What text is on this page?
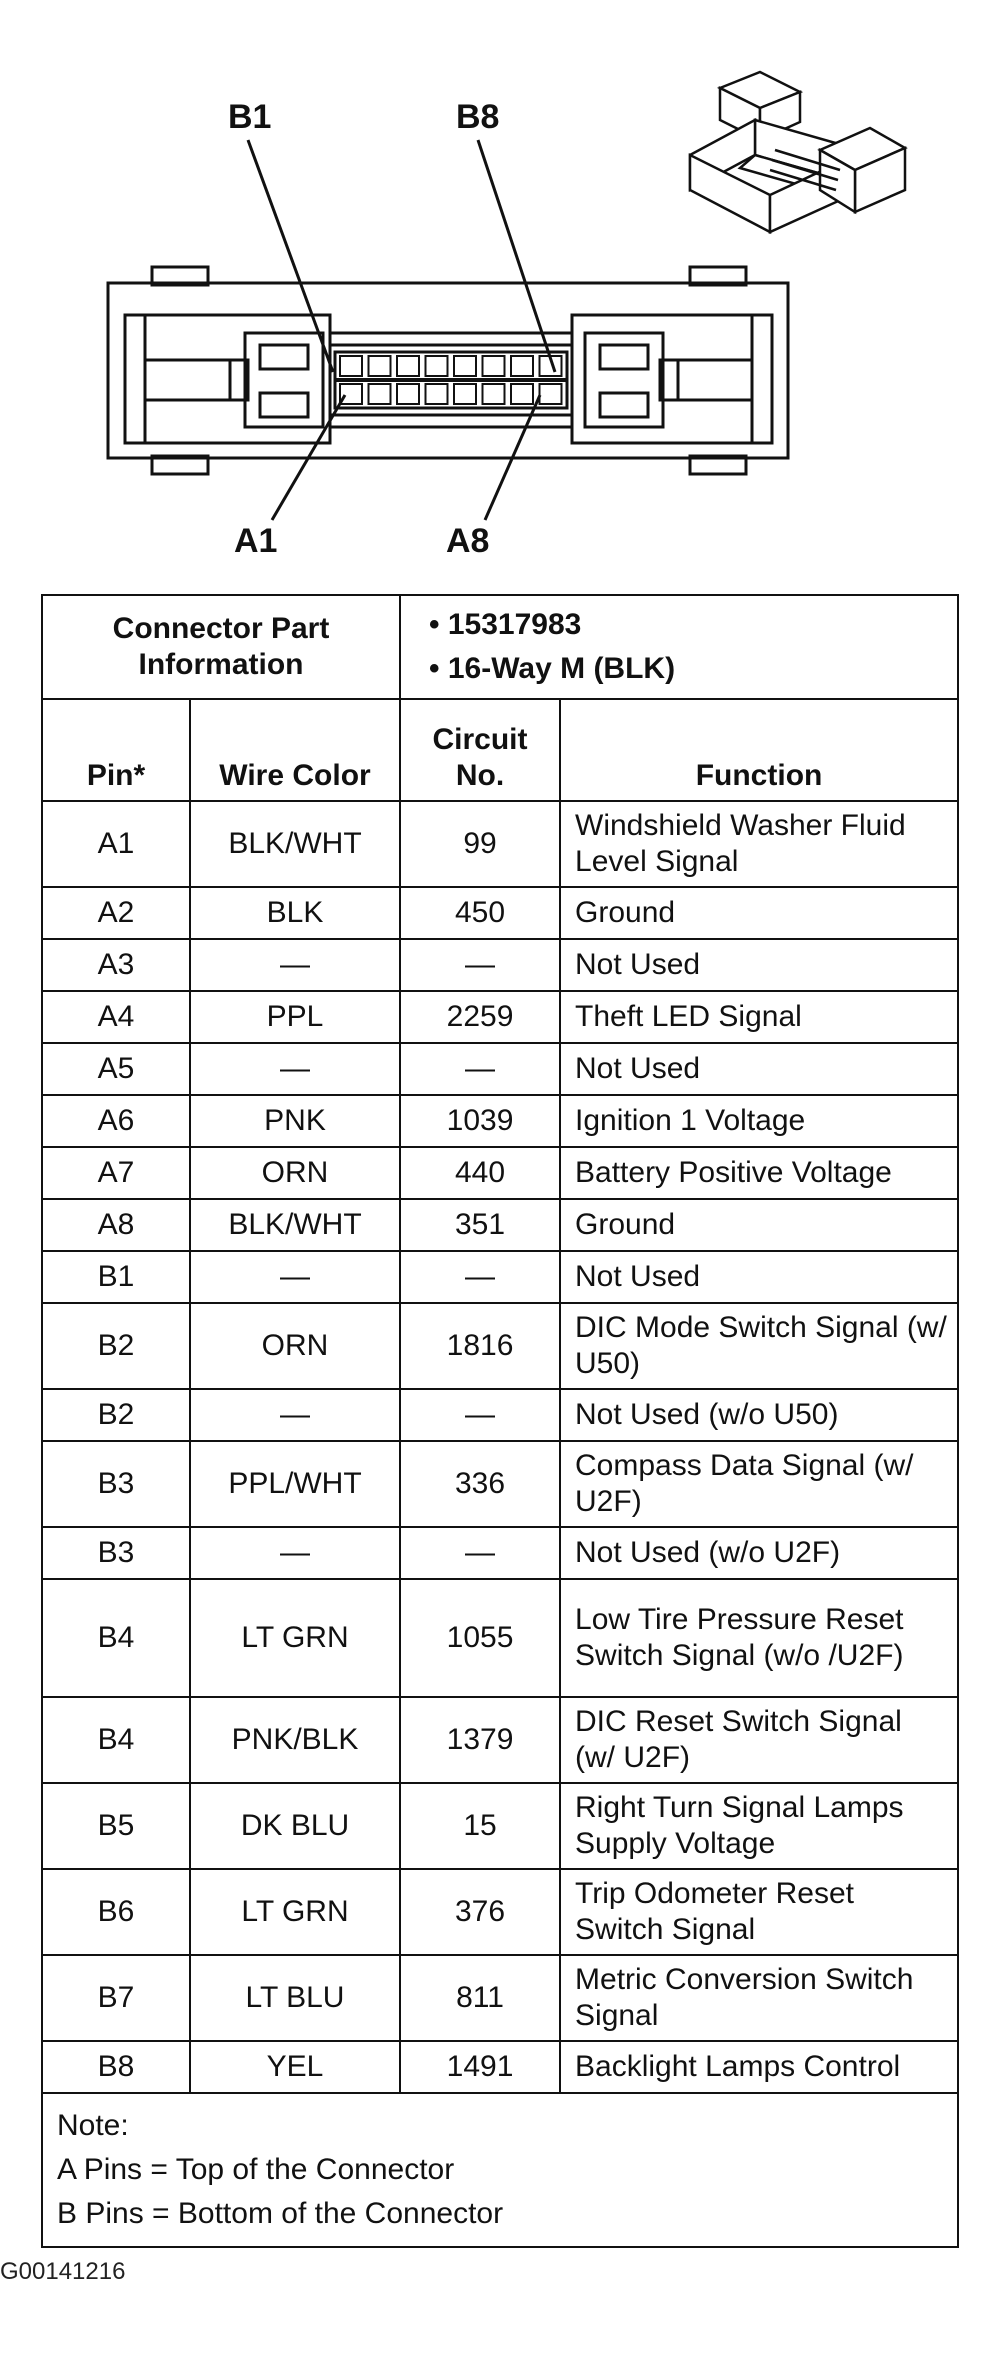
B1	B8
A1	A8
Connector Part Information		• 15317983
• 16-Way M (BLK)	

Pin*	Wire Color	Circuit No.	Function
A1	BLK/WHT	99	Windshield Washer Fluid Level Signal
A2	BLK	450	Ground
A3	—	—	Not Used
A4	PPL	2259	Theft LED Signal
A5	—	—	Not Used
A6	PNK	1039	Ignition 1 Voltage
A7	ORN	440	Battery Positive Voltage
A8	BLK/WHT	351	Ground
B1	—	—	Not Used
B2	ORN	1816	DIC Mode Switch Signal (w/ U50)
B2	—	—	Not Used (w/o U50)
B3	PPL/WHT	336	Compass Data Signal (w/ U2F)
B3	—	—	Not Used (w/o U2F)
B4	LT GRN	1055	Low Tire Pressure Reset Switch Signal (w/o /U2F)
B4	PNK/BLK	1379	DIC Reset Switch Signal (w/ U2F)
B5	DK BLU	15	Right Turn Signal Lamps Supply Voltage
B6	LT GRN	376	Trip Odometer Reset Switch Signal
B7	LT BLU	811	Metric Conversion Switch Signal
B8	YEL	1491	Backlight Lamps Control

Note:
A Pins = Top of the Connector
B Pins = Bottom of the Connector			
G00141216
